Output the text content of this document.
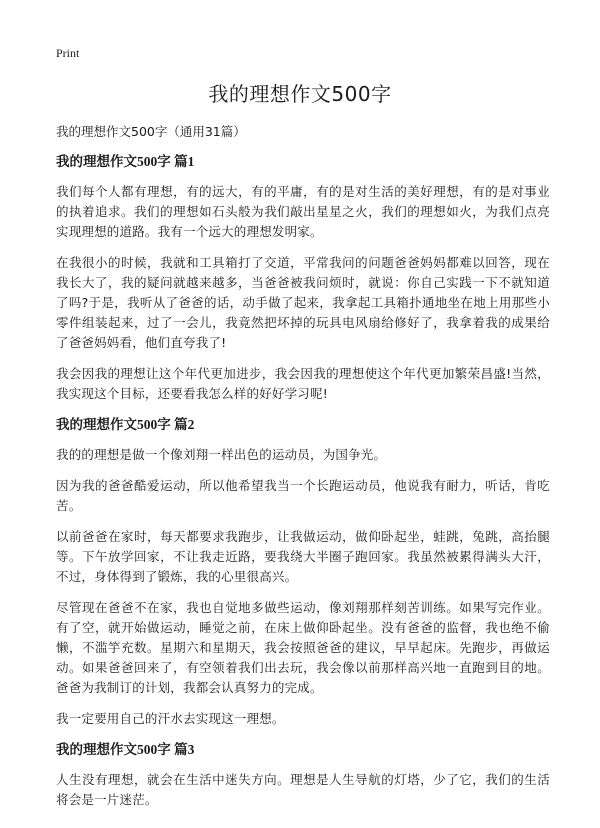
Print
我的理想作文500字

我的理想作文500字（通用31篇）

我的理想作文500字 篇1

我们每个人都有理想，有的远大，有的平庸，有的是对生活的美好理想，有的是对事业的执着追求。我们的理想如石头般为我们敲出星星之火，我们的理想如火，为我们点亮实现理想的道路。我有一个远大的理想发明家。

在我很小的时候，我就和工具箱打了交道，平常我问的问题爸爸妈妈都难以回答，现在我长大了，我的疑问就越来越多，当爸爸被我问烦时，就说：你自己实践一下不就知道了吗?于是，我听从了爸爸的话，动手做了起来，我拿起工具箱扑通地坐在地上用那些小零件组装起来，过了一会儿，我竟然把坏掉的玩具电风扇给修好了，我拿着我的成果给了爸爸妈妈看，他们直夸我了!

我会因我的理想让这个年代更加进步，我会因我的理想使这个年代更加繁荣昌盛!当然，我实现这个目标，还要看我怎么样的好好学习呢!

我的理想作文500字 篇2

我的的理想是做一个像刘翔一样出色的运动员，为国争光。

因为我的爸爸酷爱运动，所以他希望我当一个长跑运动员，他说我有耐力，听话，肯吃苦。

以前爸爸在家时，每天都要求我跑步，让我做运动，做仰卧起坐，蛙跳，兔跳，高抬腿等。下午放学回家，不让我走近路，要我绕大半圈子跑回家。我虽然被累得满头大汗，不过，身体得到了锻炼，我的心里很高兴。

尽管现在爸爸不在家，我也自觉地多做些运动，像刘翔那样刻苦训练。如果写完作业。有了空，就开始做运动，睡觉之前，在床上做仰卧起坐。没有爸爸的监督，我也绝不偷懒，不滥竽充数。星期六和星期天，我会按照爸爸的建议，早早起床。先跑步，再做运动。如果爸爸回来了，有空领着我们出去玩，我会像以前那样高兴地一直跑到目的地。爸爸为我制订的计划，我都会认真努力的完成。

我一定要用自己的汗水去实现这一理想。

我的理想作文500字 篇3

人生没有理想，就会在生活中迷失方向。理想是人生导航的灯塔，少了它，我们的生活将会是一片迷茫。
